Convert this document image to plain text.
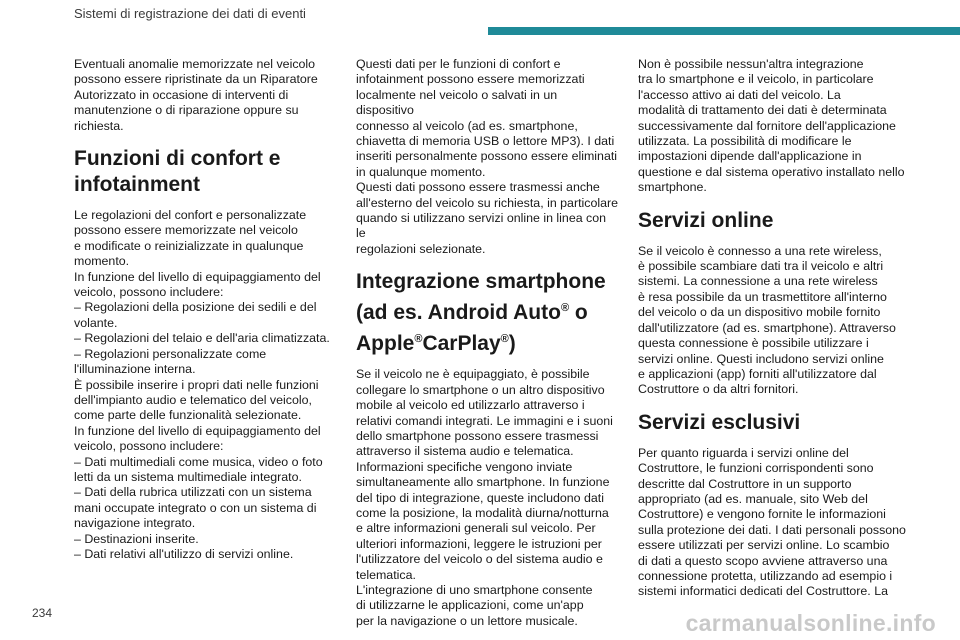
Sistemi di registrazione dei dati di eventi

Eventuali anomalie memorizzate nel veicolo
possono essere ripristinate da un Riparatore
Autorizzato in occasione di interventi di
manutenzione o di riparazione oppure su
richiesta.

Funzioni di confort e infotainment

Le regolazioni del confort e personalizzate
possono essere memorizzate nel veicolo
e modificate o reinizializzate in qualunque
momento.
In funzione del livello di equipaggiamento del
veicolo, possono includere:
– Regolazioni della posizione dei sedili e del
volante.
– Regolazioni del telaio e dell'aria climatizzata.
– Regolazioni personalizzate come
l'illuminazione interna.
È possibile inserire i propri dati nelle funzioni
dell'impianto audio e telematico del veicolo,
come parte delle funzionalità selezionate.
In funzione del livello di equipaggiamento del
veicolo, possono includere:
– Dati multimediali come musica, video o foto
letti da un sistema multimediale integrato.
– Dati della rubrica utilizzati con un sistema
mani occupate integrato o con un sistema di
navigazione integrato.
– Destinazioni inserite.
– Dati relativi all'utilizzo di servizi online.

Questi dati per le funzioni di confort e
infotainment possono essere memorizzati
localmente nel veicolo o salvati in un dispositivo
connesso al veicolo (ad es. smartphone,
chiavetta di memoria USB o lettore MP3). I dati
inseriti personalmente possono essere eliminati
in qualunque momento.
Questi dati possono essere trasmessi anche
all'esterno del veicolo su richiesta, in particolare
quando si utilizzano servizi online in linea con le
regolazioni selezionate.

Integrazione smartphone (ad es. Android Auto® o Apple®CarPlay®)

Se il veicolo ne è equipaggiato, è possibile
collegare lo smartphone o un altro dispositivo
mobile al veicolo ed utilizzarlo attraverso i
relativi comandi integrati. Le immagini e i suoni
dello smartphone possono essere trasmessi
attraverso il sistema audio e telematica.
Informazioni specifiche vengono inviate
simultaneamente allo smartphone. In funzione
del tipo di integrazione, queste includono dati
come la posizione, la modalità diurna/notturna
e altre informazioni generali sul veicolo. Per
ulteriori informazioni, leggere le istruzioni per
l'utilizzatore del veicolo o del sistema audio e
telematica.
L'integrazione di uno smartphone consente
di utilizzarne le applicazioni, come un'app
per la navigazione o un lettore musicale.

Non è possibile nessun'altra integrazione
tra lo smartphone e il veicolo, in particolare
l'accesso attivo ai dati del veicolo. La
modalità di trattamento dei dati è determinata
successivamente dal fornitore dell'applicazione
utilizzata. La possibilità di modificare le
impostazioni dipende dall'applicazione in
questione e dal sistema operativo installato nello
smartphone.

Servizi online

Se il veicolo è connesso a una rete wireless,
è possibile scambiare dati tra il veicolo e altri
sistemi. La connessione a una rete wireless
è resa possibile da un trasmettitore all'interno
del veicolo o da un dispositivo mobile fornito
dall'utilizzatore (ad es. smartphone). Attraverso
questa connessione è possibile utilizzare i
servizi online. Questi includono servizi online
e applicazioni (app) forniti all'utilizzatore dal
Costruttore o da altri fornitori.

Servizi esclusivi

Per quanto riguarda i servizi online del
Costruttore, le funzioni corrispondenti sono
descritte dal Costruttore in un supporto
appropriato (ad es. manuale, sito Web del
Costruttore) e vengono fornite le informazioni
sulla protezione dei dati. I dati personali possono
essere utilizzati per servizi online. Lo scambio
di dati a questo scopo avviene attraverso una
connessione protetta, utilizzando ad esempio i
sistemi informatici dedicati del Costruttore. La

234	carmanualsonline.info
